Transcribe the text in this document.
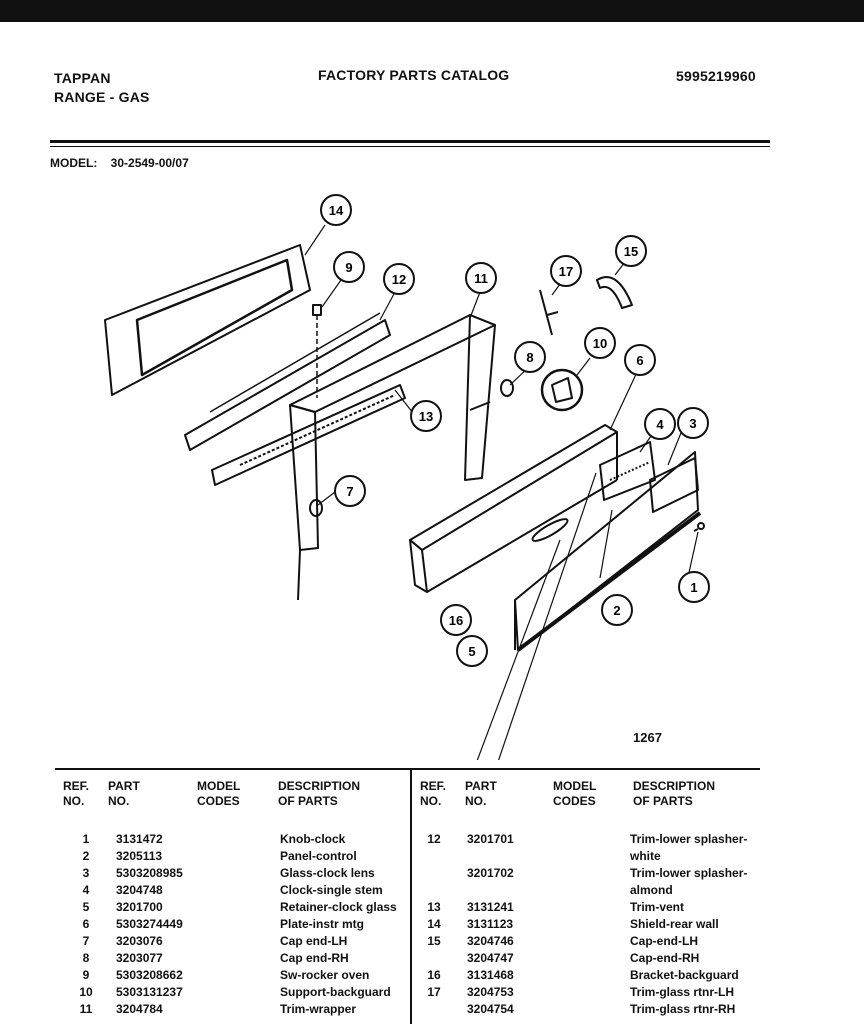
TAPPAN
RANGE - GAS
FACTORY PARTS CATALOG	5995219960
MODEL: 30-2549-00/07
14
9
12	11	17
15
8
10
6
4 3
13
7
1
2
16
5
1267
REF.
NO.
PART
NO.
MODEL
CODES
DESCRIPTION
OF PARTS
REF.
NO.
PART
NO.
MODEL
CODES
DESCRIPTION
OF PARTS
1	3131472	Knob-clock
2	3205113	Panel-control
3	5303208985	Glass-clock lens
4	3204748	Clock-single stem
5	3201700	Retainer-clock glass
6	5303274449	Plate-instr mtg
7	3203076	Cap end-LH
8	3203077	Cap end-RH
9	5303208662	Sw-rocker oven
10 5303131237	Support-backguard
11	3204784	Trim-wrapper
12 3201701	Trim-lower splasher-
white
3201702	Trim-lower splasher-
almond
13 3131241	Trim-vent
14 3131123	Shield-rear wall
15 3204746	Cap-end-LH
3204747	Cap-end-RH
16 3131468	Bracket-backguard
17 3204753	Trim-glass rtnr-LH
3204754	Trim-glass rtnr-RH
